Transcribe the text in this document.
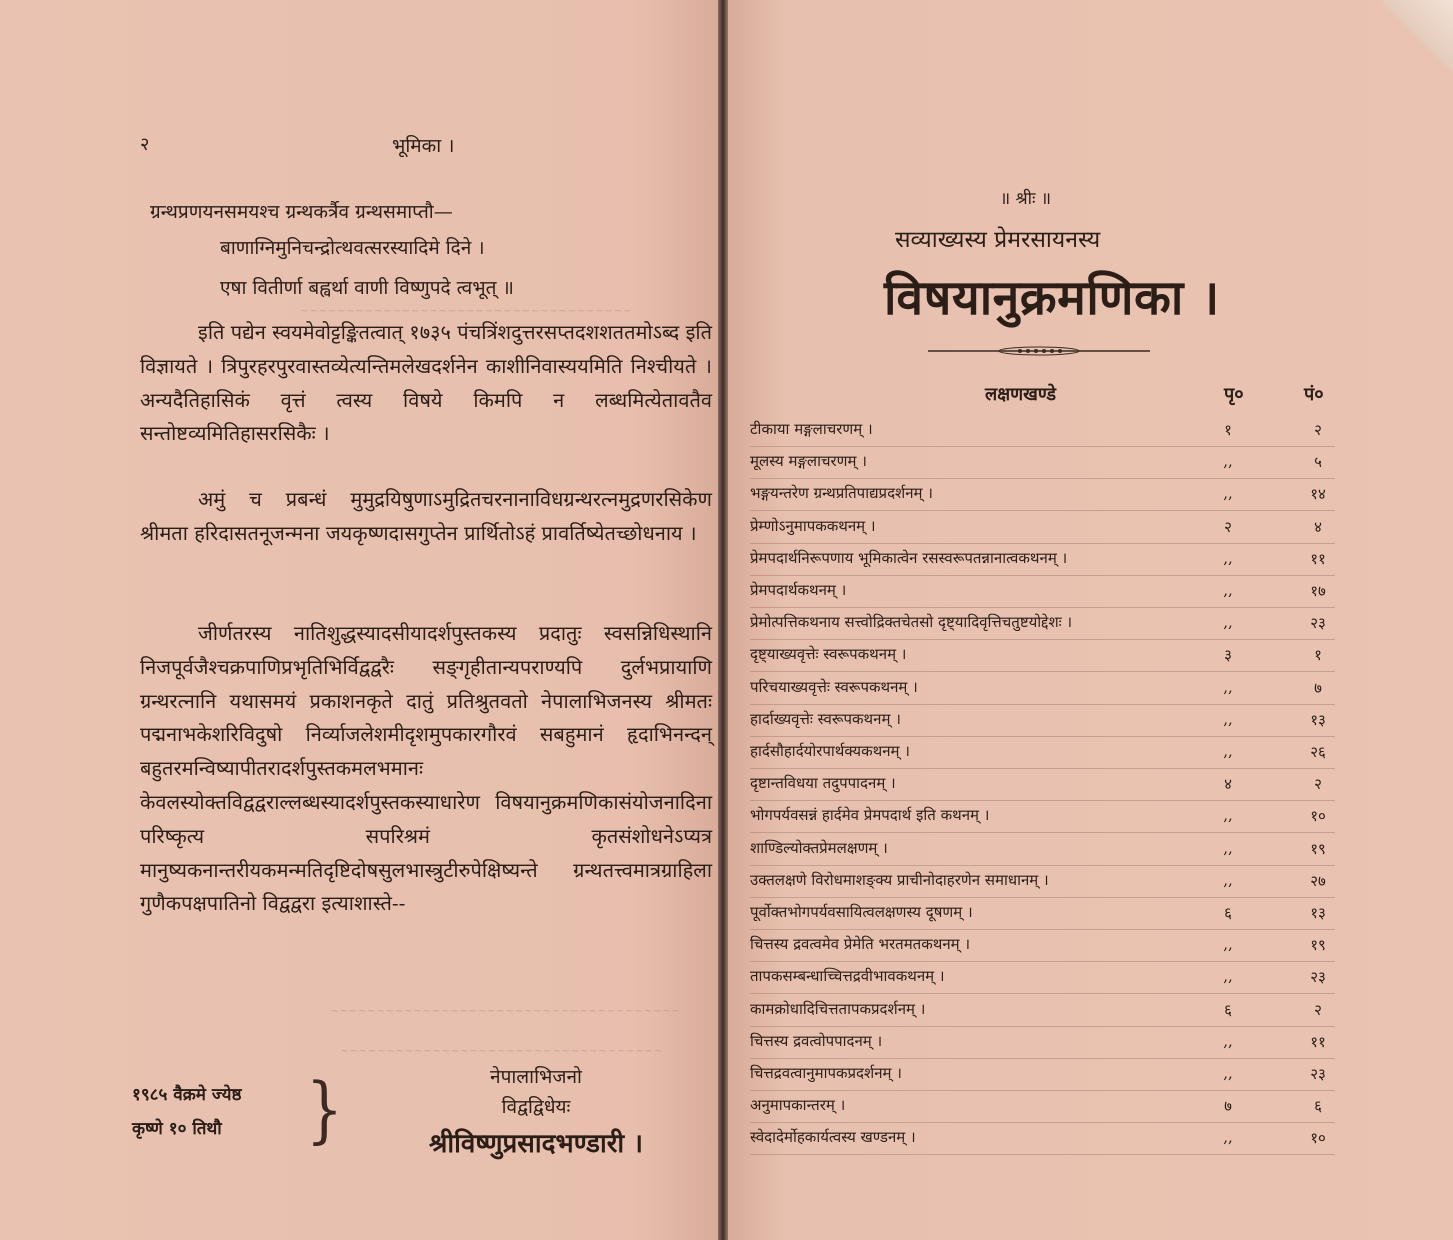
~~~~~~~~~~~~~~~~~~~~~~~~~~~~~~~~~~~~
~~~~~~~~~~~~~~~~~~~~~~~~~~~~~~~~~~~~~~
~~~~~~~~~~~~~~~~~~~~~~~~~~~~~~~~~~~
२	भूमिका ।
ग्रन्थप्रणयनसमयश्च ग्रन्थकर्त्रैव ग्रन्थसमाप्तौ—
बाणाग्निमुनिचन्द्रोत्थवत्सरस्यादिमे दिने ।
एषा वितीर्णा बह्वर्था वाणी विष्णुपदे त्वभूत् ॥
इति पद्येन स्वयमेवोट्टङ्कितत्वात् १७३५ पंचत्रिंशदुत्तरसप्तदशशततमोऽब्द इति विज्ञायते । त्रिपुरहरपुरवास्तव्येत्यन्तिमलेखदर्शनेन काशीनिवास्ययमिति निश्चीयते । अन्यदैतिहासिकं वृत्तं त्वस्य विषये किमपि न लब्धमित्येतावतैव सन्तोष्टव्यमितिहासरसिकैः ।
अमुं च प्रबन्धं मुमुद्रयिषुणाऽमुद्रितचरनानाविधग्रन्थरत्नमुद्रणरसिकेण श्रीमता हरिदासतनूजन्मना जयकृष्णदासगुप्तेन प्रार्थितोऽहं प्रावर्तिष्येतच्छोधनाय ।
जीर्णतरस्य नातिशुद्धस्यादसीयादर्शपुस्तकस्य प्रदातुः स्वसन्निधिस्थानि निजपूर्वजैश्चक्रपाणिप्रभृतिभिर्विद्वद्वरैः सङ्गृहीतान्यपराण्यपि दुर्लभप्रायाणि ग्रन्थरत्नानि यथासमयं प्रकाशनकृते दातुं प्रतिश्रुतवतो नेपालाभिजनस्य श्रीमतः पद्मनाभकेशरिविदुषो निर्व्याजलेशमीदृशमुपकारगौरवं सबहुमानं हृदाभिनन्दन् बहुतरमन्विष्यापीतरादर्शपुस्तकमलभमानः केवलस्योक्तविद्वद्वराल्लब्धस्यादर्शपुस्तकस्याधारेण विषयानुक्रमणिकासंयोजनादिना परिष्कृत्य सपरिश्रमं कृतसंशोधनेऽप्यत्र मानुष्यकनान्तरीयकमन्मतिदृष्टिदोषसुलभास्त्रुटीरुपेक्षिष्यन्ते ग्रन्थतत्त्वमात्रग्राहिला गुणैकपक्षपातिनो विद्वद्वरा इत्याशास्ते--
१९८५ वैक्रमे ज्येष्ठ
कृष्णे १० तिथौ	}	नेपालाभिजनो
विद्वद्विधेयः
श्रीविष्णुप्रसादभण्डारी ।
॥ श्रीः ॥
सव्याख्यस्य प्रेमरसायनस्य
विषयानुक्रमणिका ।
लक्षणखण्डे	पृ०	पं०
टीकाया मङ्गलाचरणम् ।	१	२
मूलस्य मङ्गलाचरणम् ।	,,	५
भङ्गयन्तरेण ग्रन्थप्रतिपाद्यप्रदर्शनम् ।	,,	१४
प्रेम्णोऽनुमापककथनम् ।	२	४
प्रेमपदार्थनिरूपणाय भूमिकात्वेन रसस्वरूपतन्नानात्वकथनम् ।	,,	११
प्रेमपदार्थकथनम् ।	,,	१७
प्रेमोत्पत्तिकथनाय सत्त्वोद्रिक्तचेतसो दृष्ट्यादिवृत्तिचतुष्टयोद्देशः ।	,,	२३
दृष्ट्याख्यवृत्तेः स्वरूपकथनम् ।	३	१
परिचयाख्यवृत्तेः स्वरूपकथनम् ।	,,	७
हार्दाख्यवृत्तेः स्वरूपकथनम् ।	,,	१३
हार्दसौहार्दयोरपार्थक्यकथनम् ।	,,	२६
दृष्टान्तविधया तदुपपादनम् ।	४	२
भोगपर्यवसन्नं हार्दमेव प्रेमपदार्थ इति कथनम् ।	,,	१०
शाण्डिल्योक्तप्रेमलक्षणम् ।	,,	१९
उक्तलक्षणे विरोधमाशङ्क्य प्राचीनोदाहरणेन समाधानम् ।	,,	२७
पूर्वोक्तभोगपर्यवसायित्वलक्षणस्य दूषणम् ।	६	१३
चित्तस्य द्रवत्वमेव प्रेमेति भरतमतकथनम् ।	,,	१९
तापकसम्बन्धाच्चित्तद्रवीभावकथनम् ।	,,	२३
कामक्रोधादिचित्ततापकप्रदर्शनम् ।	६	२
चित्तस्य द्रवत्वोपपादनम् ।	,,	११
चित्तद्रवत्वानुमापकप्रदर्शनम् ।	,,	२३
अनुमापकान्तरम् ।	७	६
स्वेदादेर्मोहकार्यत्वस्य खण्डनम् ।	,,	१०
